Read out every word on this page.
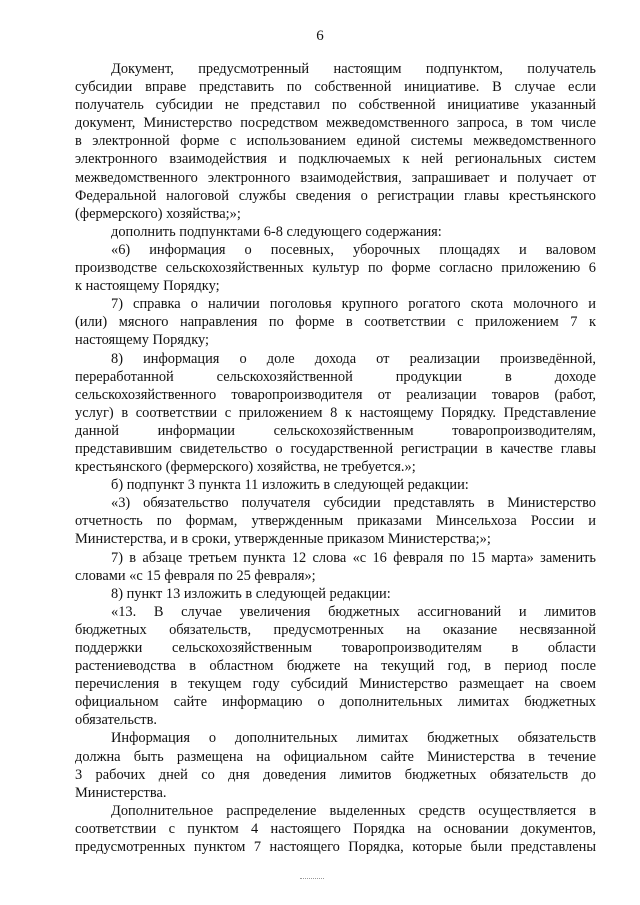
6
Документ, предусмотренный настоящим подпунктом, получатель
субсидии вправе представить по собственной инициативе. В случае если
получатель субсидии не представил по собственной инициативе указанный
документ, Министерство посредством межведомственного запроса, в том числе
в электронной форме с использованием единой системы межведомственного
электронного взаимодействия и подключаемых к ней региональных систем
межведомственного электронного взаимодействия, запрашивает и получает от
Федеральной налоговой службы сведения о регистрации главы крестьянского
(фермерского) хозяйства;»;
дополнить подпунктами 6-8 следующего содержания:
«6) информация о посевных, уборочных площадях и валовом
производстве сельскохозяйственных культур по форме согласно приложению 6
к настоящему Порядку;
7) справка о наличии поголовья крупного рогатого скота молочного и
(или) мясного направления по форме в соответствии с приложением 7 к
настоящему Порядку;
8) информация о доле дохода от реализации произведённой,
переработанной сельскохозяйственной продукции в доходе
сельскохозяйственного товаропроизводителя от реализации товаров (работ,
услуг) в соответствии с приложением 8 к настоящему Порядку. Представление
данной информации сельскохозяйственным товаропроизводителям,
представившим свидетельство о государственной регистрации в качестве главы
крестьянского (фермерского) хозяйства, не требуется.»;
б) подпункт 3 пункта 11 изложить в следующей редакции:
«3) обязательство получателя субсидии представлять в Министерство
отчетность по формам, утвержденным приказами Минсельхоза России и
Министерства, и в сроки, утвержденные приказом Министерства;»;
7) в абзаце третьем пункта 12 слова «с 16 февраля по 15 марта» заменить
словами «с 15 февраля по 25 февраля»;
8) пункт 13 изложить в следующей редакции:
«13. В случае увеличения бюджетных ассигнований и лимитов
бюджетных обязательств, предусмотренных на оказание несвязанной
поддержки сельскохозяйственным товаропроизводителям в области
растениеводства в областном бюджете на текущий год, в период после
перечисления в текущем году субсидий Министерство размещает на своем
официальном сайте информацию о дополнительных лимитах бюджетных
обязательств.
Информация о дополнительных лимитах бюджетных обязательств
должна быть размещена на официальном сайте Министерства в течение
3 рабочих дней со дня доведения лимитов бюджетных обязательств до
Министерства.
Дополнительное распределение выделенных средств осуществляется в
соответствии с пунктом 4 настоящего Порядка на основании документов,
предусмотренных пунктом 7 настоящего Порядка, которые были представлены
